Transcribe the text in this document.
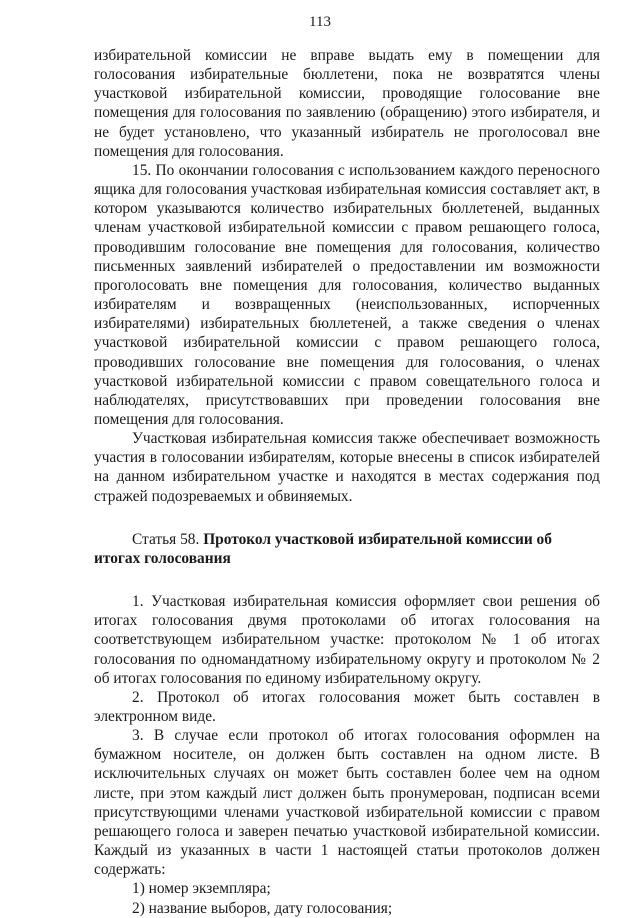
113

избирательной комиссии не вправе выдать ему в помещении для голосования избирательные бюллетени, пока не возвратятся члены участковой избирательной комиссии, проводящие голосование вне помещения для голосования по заявлению (обращению) этого избирателя, и не будет установлено, что указанный избиратель не проголосовал вне помещения для голосования.

15. По окончании голосования с использованием каждого переносного ящика для голосования участковая избирательная комиссия составляет акт, в котором указываются количество избирательных бюллетеней, выданных членам участковой избирательной комиссии с правом решающего голоса, проводившим голосование вне помещения для голосования, количество письменных заявлений избирателей о предоставлении им возможности проголосовать вне помещения для голосования, количество выданных избирателям и возвращенных (неиспользованных, испорченных избирателями) избирательных бюллетеней, а также сведения о членах участковой избирательной комиссии с правом решающего голоса, проводивших голосование вне помещения для голосования, о членах участковой избирательной комиссии с правом совещательного голоса и наблюдателях, присутствовавших при проведении голосования вне помещения для голосования.

Участковая избирательная комиссия также обеспечивает возможность участия в голосовании избирателям, которые внесены в список избирателей на данном избирательном участке и находятся в местах содержания под стражей подозреваемых и обвиняемых.

Статья 58. Протокол участковой избирательной комиссии об итогах голосования

1. Участковая избирательная комиссия оформляет свои решения об итогах голосования двумя протоколами об итогах голосования на соответствующем избирательном участке: протоколом № 1 об итогах голосования по одномандатному избирательному округу и протоколом № 2 об итогах голосования по единому избирательному округу.

2. Протокол об итогах голосования может быть составлен в электронном виде.

3. В случае если протокол об итогах голосования оформлен на бумажном носителе, он должен быть составлен на одном листе. В исключительных случаях он может быть составлен более чем на одном листе, при этом каждый лист должен быть пронумерован, подписан всеми присутствующими членами участковой избирательной комиссии с правом решающего голоса и заверен печатью участковой избирательной комиссии. Каждый из указанных в части 1 настоящей статьи протоколов должен содержать:

1) номер экземпляра;

2) название выборов, дату голосования;
